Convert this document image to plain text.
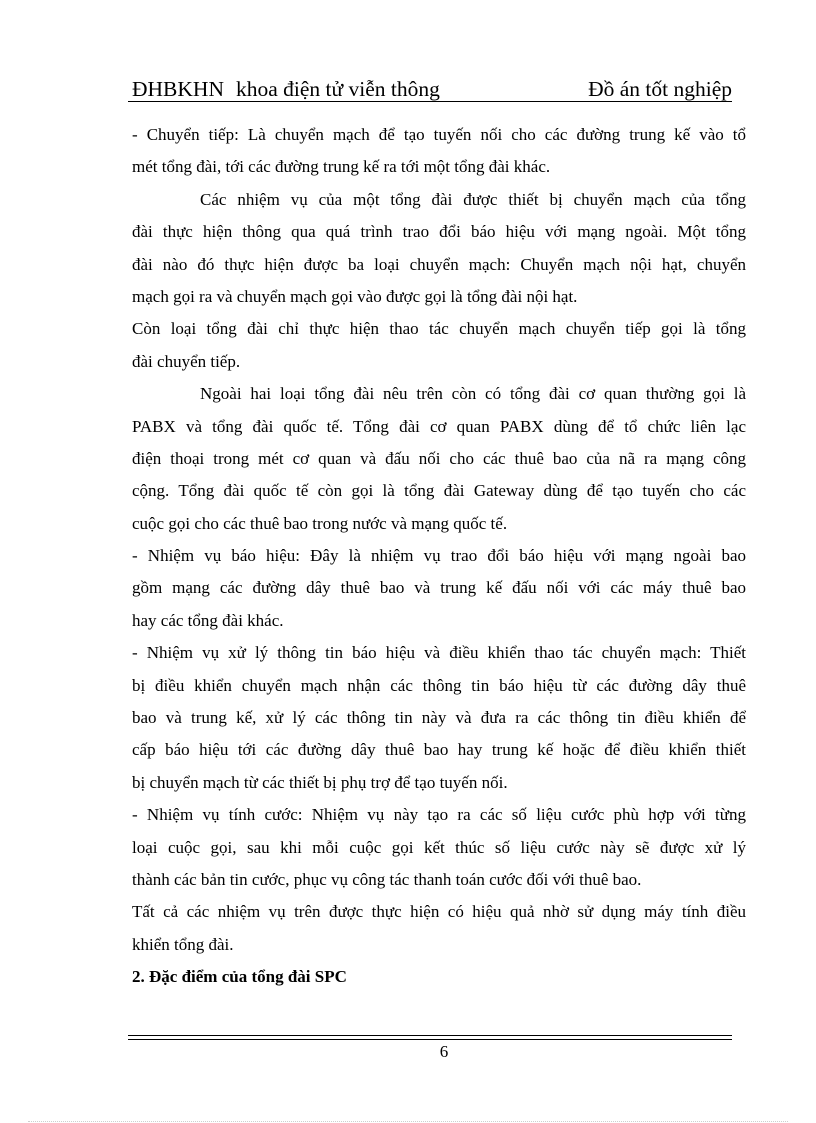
ĐHBKHN khoa điện tử viễn thông	Đồ án tốt nghiệp
- Chuyển tiếp: Là chuyển mạch để tạo tuyến nối cho các đường trung kế vào tổ
mét tổng đài, tới các đường trung kế ra tới một tổng đài khác.
Các nhiệm vụ của một tổng đài được thiết bị chuyển mạch của tổng
đài thực hiện thông qua quá trình trao đổi báo hiệu với mạng ngoài. Một tổng
đài nào đó thực hiện được ba loại chuyển mạch: Chuyển mạch nội hạt, chuyển
mạch gọi ra và chuyển mạch gọi vào được gọi là tổng đài nội hạt.
Còn loại tổng đài chỉ thực hiện thao tác chuyển mạch chuyển tiếp gọi là tổng
đài chuyển tiếp.
Ngoài hai loại tổng đài nêu trên còn có tổng đài cơ quan thường gọi là
PABX và tổng đài quốc tế. Tổng đài cơ quan PABX dùng để tổ chức liên lạc
điện thoại trong mét cơ quan và đấu nối cho các thuê bao của nã ra mạng công
cộng. Tổng đài quốc tế còn gọi là tổng đài Gateway dùng để tạo tuyến cho các
cuộc gọi cho các thuê bao trong nước và mạng quốc tế.
- Nhiệm vụ báo hiệu: Đây là nhiệm vụ trao đổi báo hiệu với mạng ngoài bao
gồm mạng các đường dây thuê bao và trung kế đấu nối với các máy thuê bao
hay các tổng đài khác.
- Nhiệm vụ xử lý thông tin báo hiệu và điều khiển thao tác chuyển mạch: Thiết
bị điều khiển chuyển mạch nhận các thông tin báo hiệu từ các đường dây thuê
bao và trung kế, xử lý các thông tin này và đưa ra các thông tin điều khiển để
cấp báo hiệu tới các đường dây thuê bao hay trung kế hoặc để điều khiển thiết
bị chuyển mạch từ các thiết bị phụ trợ để tạo tuyến nối.
- Nhiệm vụ tính cước: Nhiệm vụ này tạo ra các số liệu cước phù hợp với từng
loại cuộc gọi, sau khi mỗi cuộc gọi kết thúc số liệu cước này sẽ được xử lý
thành các bản tin cước, phục vụ công tác thanh toán cước đối với thuê bao.
Tất cả các nhiệm vụ trên được thực hiện có hiệu quả nhờ sử dụng máy tính điều
khiển tổng đài.
2. Đặc điểm của tổng đài SPC
6
